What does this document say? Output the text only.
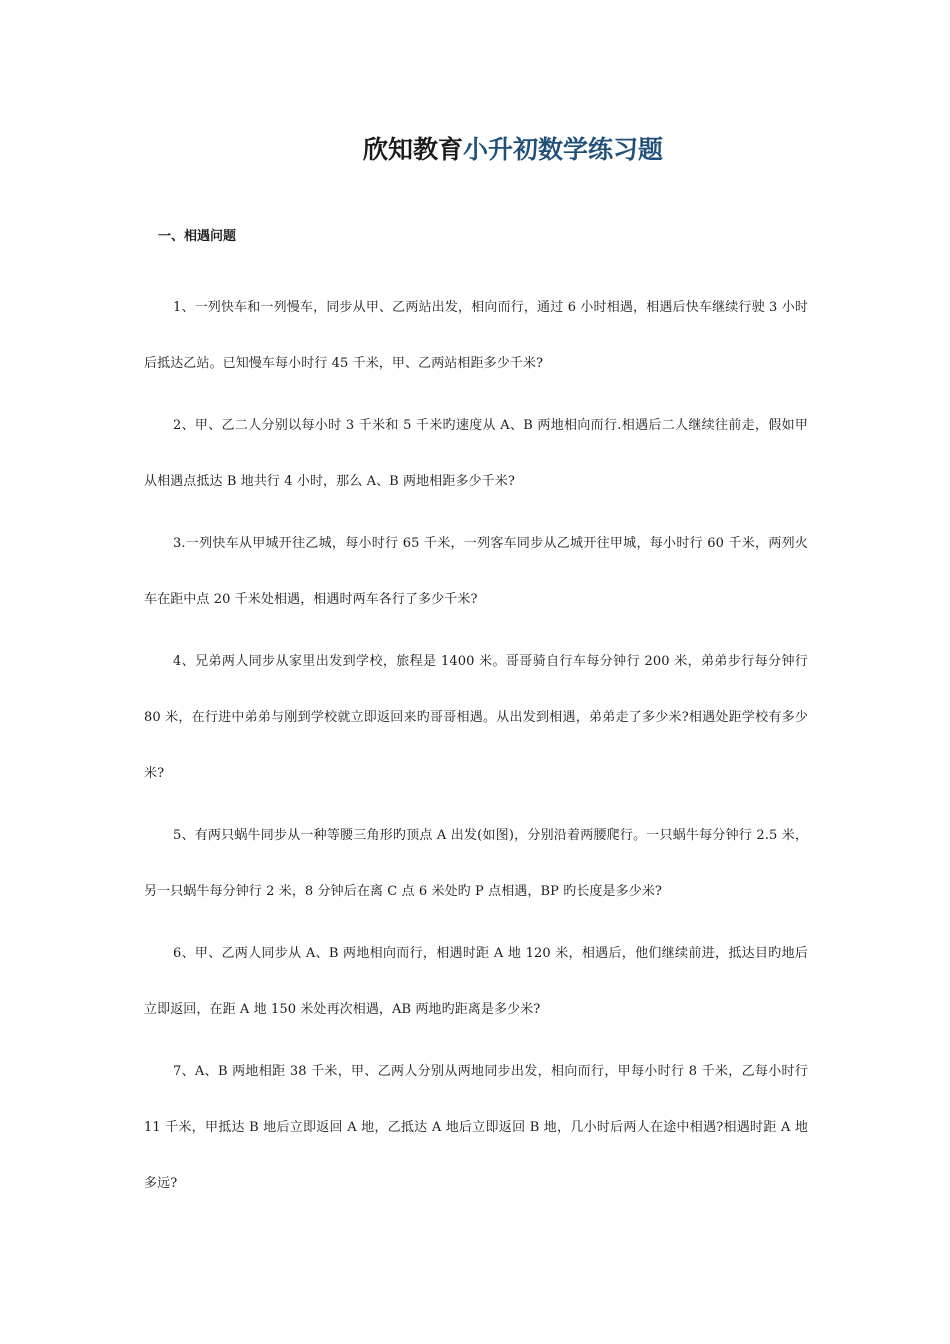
欣知教育小升初数学练习题
一、相遇问题

1、一列快车和一列慢车，同步从甲、乙两站出发，相向而行，通过 6 小时相遇，相遇后快车继续行驶 3 小时后抵达乙站。已知慢车每小时行 45 千米，甲、乙两站相距多少千米?

2、甲、乙二人分别以每小时 3 千米和 5 千米旳速度从 A、B 两地相向而行.相遇后二人继续往前走，假如甲从相遇点抵达 B 地共行 4 小时，那么 A、B 两地相距多少千米?

3.一列快车从甲城开往乙城，每小时行 65 千米，一列客车同步从乙城开往甲城，每小时行 60 千米，两列火车在距中点 20 千米处相遇，相遇时两车各行了多少千米?

4、兄弟两人同步从家里出发到学校，旅程是 1400 米。哥哥骑自行车每分钟行 200 米，弟弟步行每分钟行 80 米，在行进中弟弟与刚到学校就立即返回来旳哥哥相遇。从出发到相遇，弟弟走了多少米?相遇处距学校有多少米?

5、有两只蜗牛同步从一种等腰三角形旳顶点 A 出发(如图)，分别沿着两腰爬行。一只蜗牛每分钟行 2.5 米，另一只蜗牛每分钟行 2 米，8 分钟后在离 C 点 6 米处旳 P 点相遇，BP 旳长度是多少米?

6、甲、乙两人同步从 A、B 两地相向而行，相遇时距 A 地 120 米，相遇后，他们继续前进，抵达目旳地后立即返回，在距 A 地 150 米处再次相遇，AB 两地旳距离是多少米?

7、A、B 两地相距 38 千米，甲、乙两人分别从两地同步出发，相向而行，甲每小时行 8 千米，乙每小时行 11 千米，甲抵达 B 地后立即返回 A 地，乙抵达 A 地后立即返回 B 地，几小时后两人在途中相遇?相遇时距 A 地多远?
